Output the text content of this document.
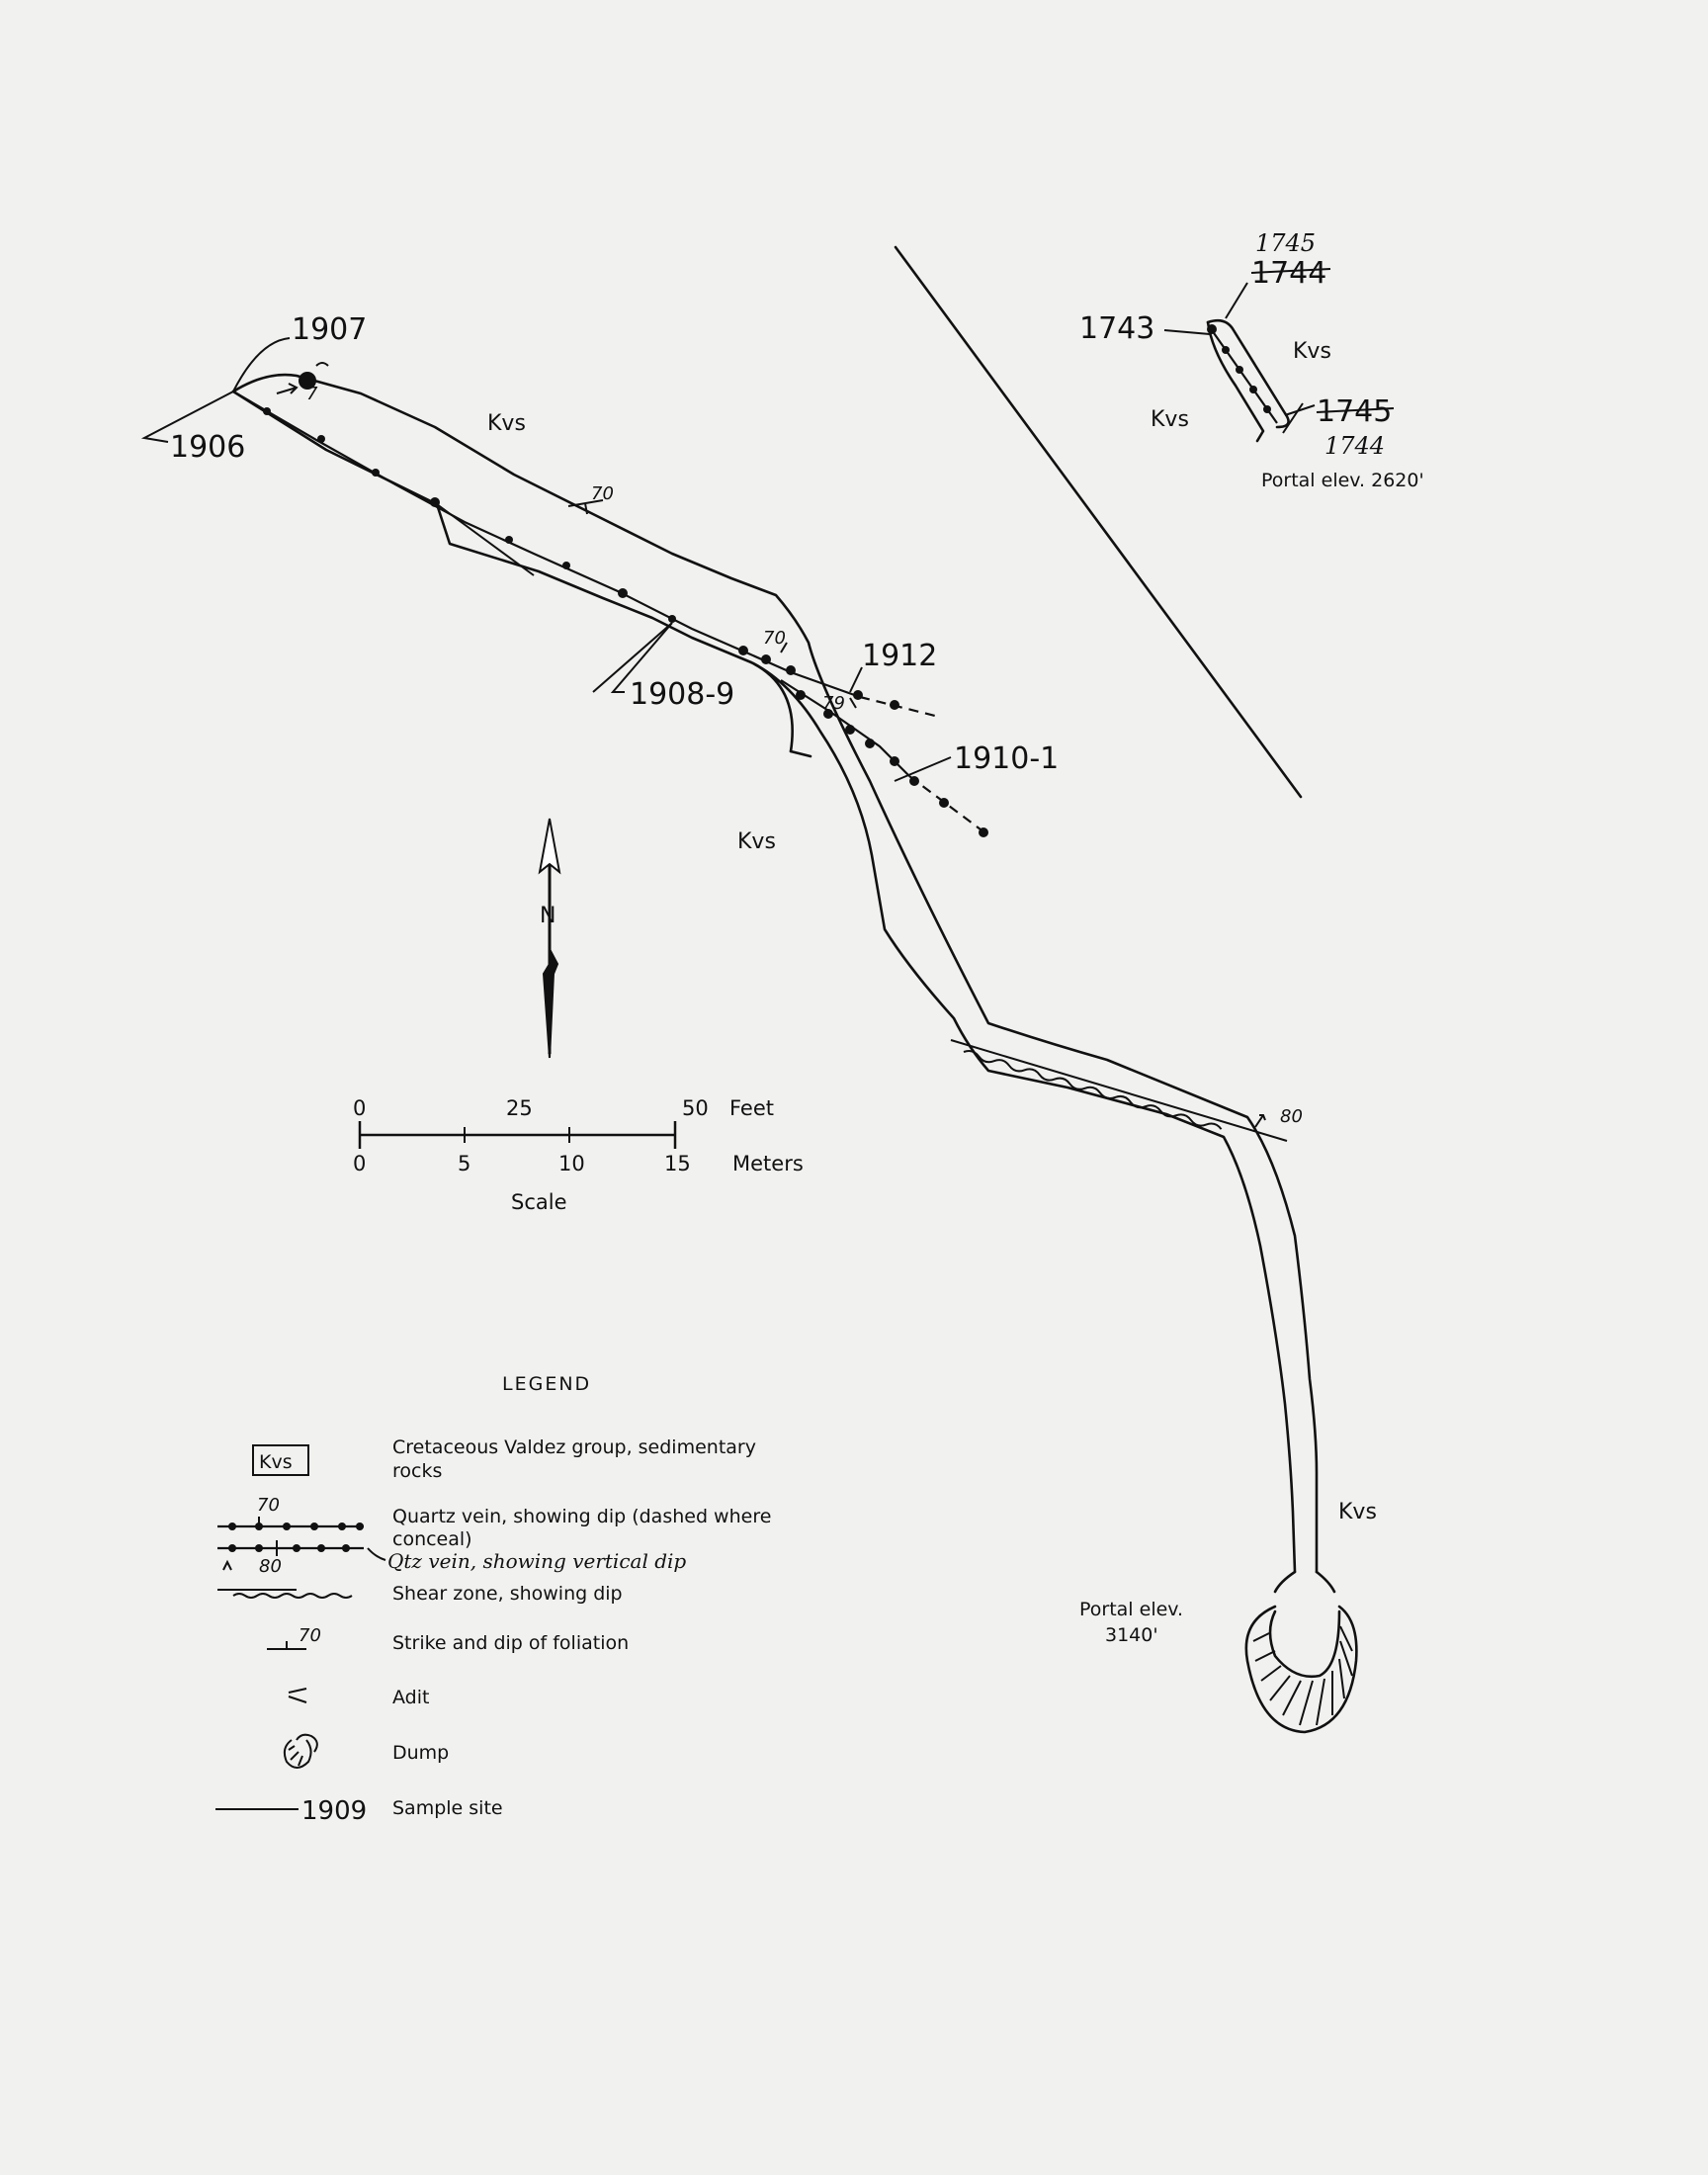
7
70
70
79
80
1907
1906
1908-9
1912
1910-1
Kvs
Kvs
Kvs
Kvs
Kvs
1743
1745
1744
1745
1744
Portal elev. 2620'
Portal elev.
3140'
N
0	25	50 Feet
0	5	10	15 Meters
Scale
LEGEND
Kvs
Cretaceous Valdez group, sedimentary
rocks
70
Quartz vein, showing dip (dashed where
conceal)
Qtz vein, showing vertical dip
80
Shear zone, showing dip
70	Strike and dip of foliation
Adit
Dump
1909 Sample site
